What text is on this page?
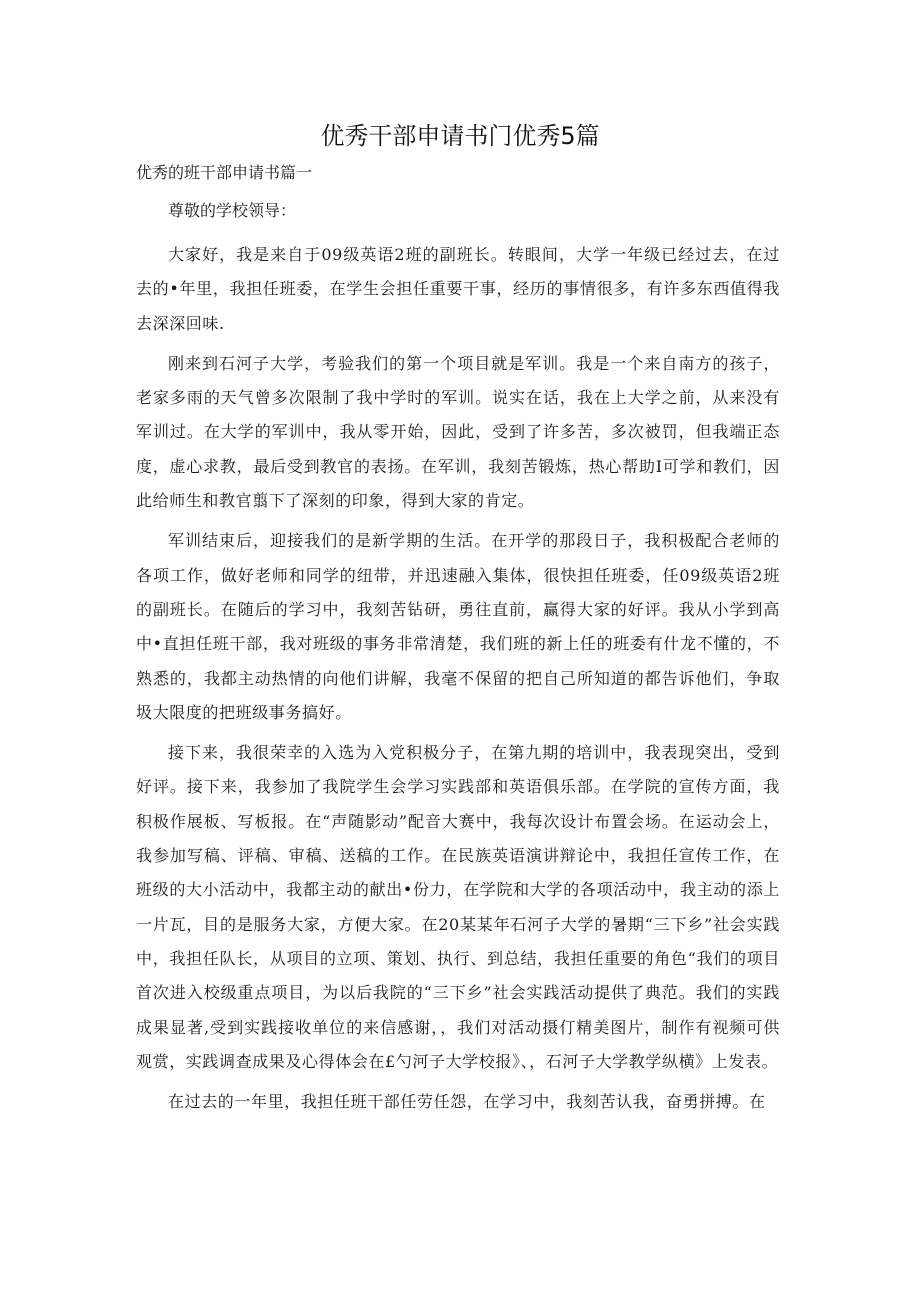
优秀干部申请书门优秀5篇

优秀的班干部申请书篇一

尊敬的学校领导：

大家好，我是来自于09级英语2班的副班长。转眼间，大学一年级已经过去，在过去的•年里，我担任班委，在学生会担任重要干事，经历的事情很多，有许多东西值得我去深深回味.

刚来到石河子大学，考验我们的第一个项目就是军训。我是一个来自南方的孩子，老家多雨的天气曾多次限制了我中学时的军训。说实在话，我在上大学之前，从来没有军训过。在大学的军训中，我从零开始，因此，受到了许多苦，多次被罚，但我端正态度，虚心求教，最后受到教官的表扬。在军训，我刻苦锻炼，热心帮助I可学和教们，因此给师生和教官翦下了深刻的印象，得到大家的肯定。

军训结束后，迎接我们的是新学期的生活。在开学的那段日子，我积极配合老师的各项工作，做好老师和同学的纽带，并迅速融入集体，很快担任班委，任09级英语2班的副班长。在随后的学习中，我刻苦钻研，勇往直前，赢得大家的好评。我从小学到高中•直担任班干部，我对班级的事务非常清楚，我们班的新上任的班委有什龙不懂的，不熟悉的，我都主动热情的向他们讲解，我毫不保留的把自己所知道的都告诉他们，争取圾大限度的把班级事务搞好。

接下来，我很荣幸的入选为入党积极分子，在第九期的培训中，我表现突出，受到好评。接下来，我参加了我院学生会学习实践部和英语俱乐部。在学院的宣传方面，我积极作展板、写板报。在“声随影动”配音大赛中，我每次设计布置会场。在运动会上，我参加写稿、评稿、审稿、送稿的工作。在民族英语演讲辩论中，我担任宣传工作，在班级的大小活动中，我都主动的献出•份力，在学院和大学的各项活动中，我主动的添上一片瓦，目的是服务大家，方便大家。在20某某年石河子大学的暑期“三下乡”社会实践中，我担任队长，从项目的立项、策划、执行、到总结，我担任重要的角色“我们的项目首次进入校级重点项目，为以后我院的“三下乡”社会实践活动提供了典范。我们的实践成果显著,受到实践接收单位的来信感谢，，我们对活动摄仃精美图片，制作有视频可供观赏，实践调查成果及心得体会在£勺河子大学校报》、，石河子大学教学纵横》上发表。

在过去的一年里，我担任班干部任劳任怨，在学习中，我刻苦认我，奋勇拼搏。在
